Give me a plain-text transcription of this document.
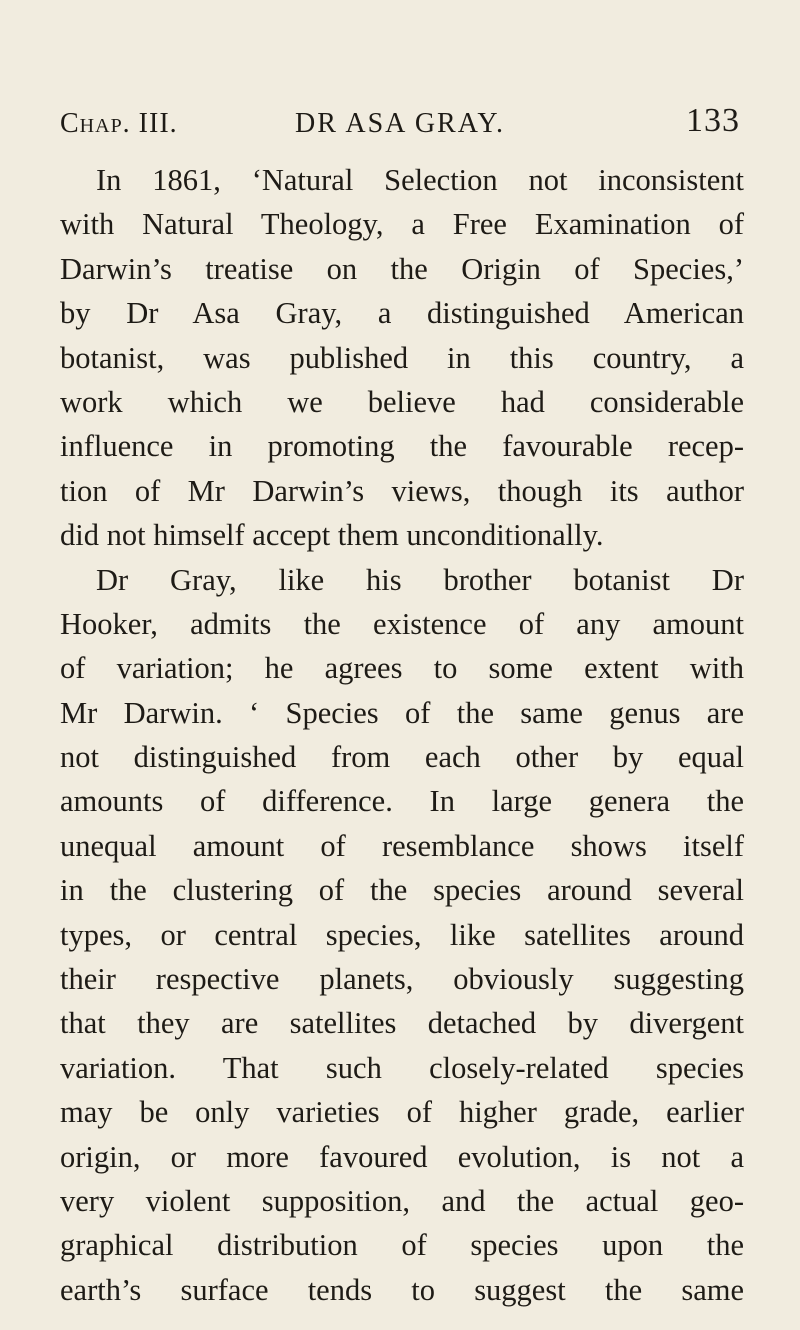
Chap. III.	DR ASA GRAY.	133
In 1861, ‘Natural Selection not inconsistent
with Natural Theology, a Free Examination of
Darwin’s treatise on the Origin of Species,’
by Dr Asa Gray, a distinguished American
botanist, was published in this country, a
work which we believe had considerable
influence in promoting the favourable recep-
tion of Mr Darwin’s views, though its author
did not himself accept them unconditionally.
Dr Gray, like his brother botanist Dr
Hooker, admits the existence of any amount
of variation; he agrees to some extent with
Mr Darwin. ‘ Species of the same genus are
not distinguished from each other by equal
amounts of difference. In large genera the
unequal amount of resemblance shows itself
in the clustering of the species around several
types, or central species, like satellites around
their respective planets, obviously suggesting
that they are satellites detached by divergent
variation. That such closely-related species
may be only varieties of higher grade, earlier
origin, or more favoured evolution, is not a
very violent supposition, and the actual geo-
graphical distribution of species upon the
earth’s surface tends to suggest the same
